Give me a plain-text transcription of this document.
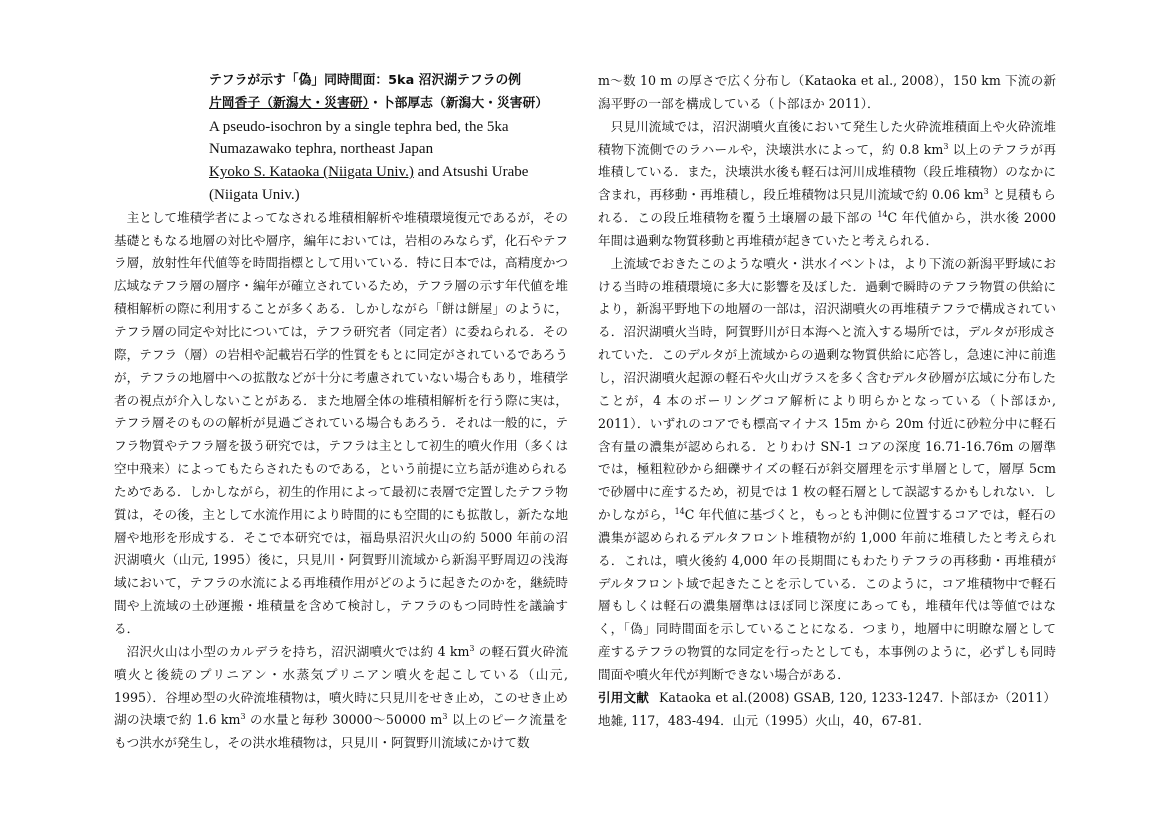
テフラが示す「偽」同時間面：5ka 沼沢湖テフラの例

片岡香子（新潟大・災害研）・卜部厚志（新潟大・災害研）

A pseudo-isochron by a single tephra bed, the 5ka Numazawako tephra, northeast Japan

Kyoko S. Kataoka (Niigata Univ.) and Atsushi Urabe (Niigata Univ.)

主として堆積学者によってなされる堆積相解析や堆積環境復元であるが，その基礎ともなる地層の対比や層序，編年においては，岩相のみならず，化石やテフラ層，放射性年代値等を時間指標として用いている．特に日本では，高精度かつ広域なテフラ層の層序・編年が確立されているため，テフラ層の示す年代値を堆積相解析の際に利用することが多くある．しかしながら「餅は餅屋」のように，テフラ層の同定や対比については，テフラ研究者（同定者）に委ねられる．その際，テフラ（層）の岩相や記載岩石学的性質をもとに同定がされているであろうが，テフラの地層中への拡散などが十分に考慮されていない場合もあり，堆積学者の視点が介入しないことがある．また地層全体の堆積相解析を行う際に実は，テフラ層そのものの解析が見過ごされている場合もあろう．それは一般的に，テフラ物質やテフラ層を扱う研究では，テフラは主として初生的噴火作用（多くは空中飛来）によってもたらされたものである，という前提に立ち話が進められるためである．しかしながら，初生的作用によって最初に表層で定置したテフラ物質は，その後，主として水流作用により時間的にも空間的にも拡散し，新たな地層や地形を形成する．そこで本研究では，福島県沼沢火山の約 5000 年前の沼沢湖噴火（山元, 1995）後に，只見川・阿賀野川流域から新潟平野周辺の浅海域において，テフラの水流による再堆積作用がどのように起きたのかを，継続時間や上流域の土砂運搬・堆積量を含めて検討し，テフラのもつ同時性を議論する．

沼沢火山は小型のカルデラを持ち，沼沢湖噴火では約 4 $km^3$ の軽石質火砕流噴火と後続のプリニアン・水蒸気プリニアン噴火を起こしている（山元, 1995）．谷埋め型の火砕流堆積物は，噴火時に只見川をせき止め，このせき止め湖の決壊で約 1.6 $km^3$ の水量と毎秒 30000〜50000 $m^3$ 以上のピーク流量をもつ洪水が発生し，その洪水堆積物は，只見川・阿賀野川流域にかけて数

m〜数 10 m の厚さで広く分布し（Kataoka et al., 2008），150 km 下流の新潟平野の一部を構成している（卜部ほか 2011）．

只見川流域では，沼沢湖噴火直後において発生した火砕流堆積面上や火砕流堆積物下流側でのラハールや，決壊洪水によって，約 0.8 $km^3$ 以上のテフラが再堆積している．また，決壊洪水後も軽石は河川成堆積物（段丘堆積物）のなかに含まれ，再移動・再堆積し，段丘堆積物は只見川流域で約 0.06 $km^3$ と見積もられる．この段丘堆積物を覆う土壌層の最下部の $^{14}$C 年代値から，洪水後 2000 年間は過剰な物質移動と再堆積が起きていたと考えられる．

上流域でおきたこのような噴火・洪水イベントは，より下流の新潟平野域における当時の堆積環境に多大に影響を及ぼした．過剰で瞬時のテフラ物質の供給により，新潟平野地下の地層の一部は，沼沢湖噴火の再堆積テフラで構成されている．沼沢湖噴火当時，阿賀野川が日本海へと流入する場所では，デルタが形成されていた．このデルタが上流域からの過剰な物質供給に応答し，急速に沖に前進し，沼沢湖噴火起源の軽石や火山ガラスを多く含むデルタ砂層が広域に分布したことが，4 本のボーリングコア解析により明らかとなっている（卜部ほか, 2011）．いずれのコアでも標高マイナス 15m から 20m 付近に砂粒分中に軽石含有量の濃集が認められる．とりわけ SN-1 コアの深度 16.71-16.76m の層準では，極粗粒砂から細礫サイズの軽石が斜交層理を示す単層として，層厚 5cm で砂層中に産するため，初見では 1 枚の軽石層として誤認するかもしれない．しかしながら，$^{14}$C 年代値に基づくと，もっとも沖側に位置するコアでは，軽石の濃集が認められるデルタフロント堆積物が約 1,000 年前に堆積したと考えられる．これは，噴火後約 4,000 年の長期間にもわたりテフラの再移動・再堆積がデルタフロント域で起きたことを示している．このように，コア堆積物中で軽石層もしくは軽石の濃集層準はほぼ同じ深度にあっても，堆積年代は等値ではなく，「偽」同時間面を示していることになる．つまり，地層中に明瞭な層として産するテフラの物質的な同定を行ったとしても，本事例のように，必ずしも同時間面や噴火年代が判断できない場合がある．

引用文献 Kataoka et al.(2008) GSAB, 120, 1233-1247. 卜部ほか（2011）地雑, 117，483-494．山元（1995）火山，40，67-81.
